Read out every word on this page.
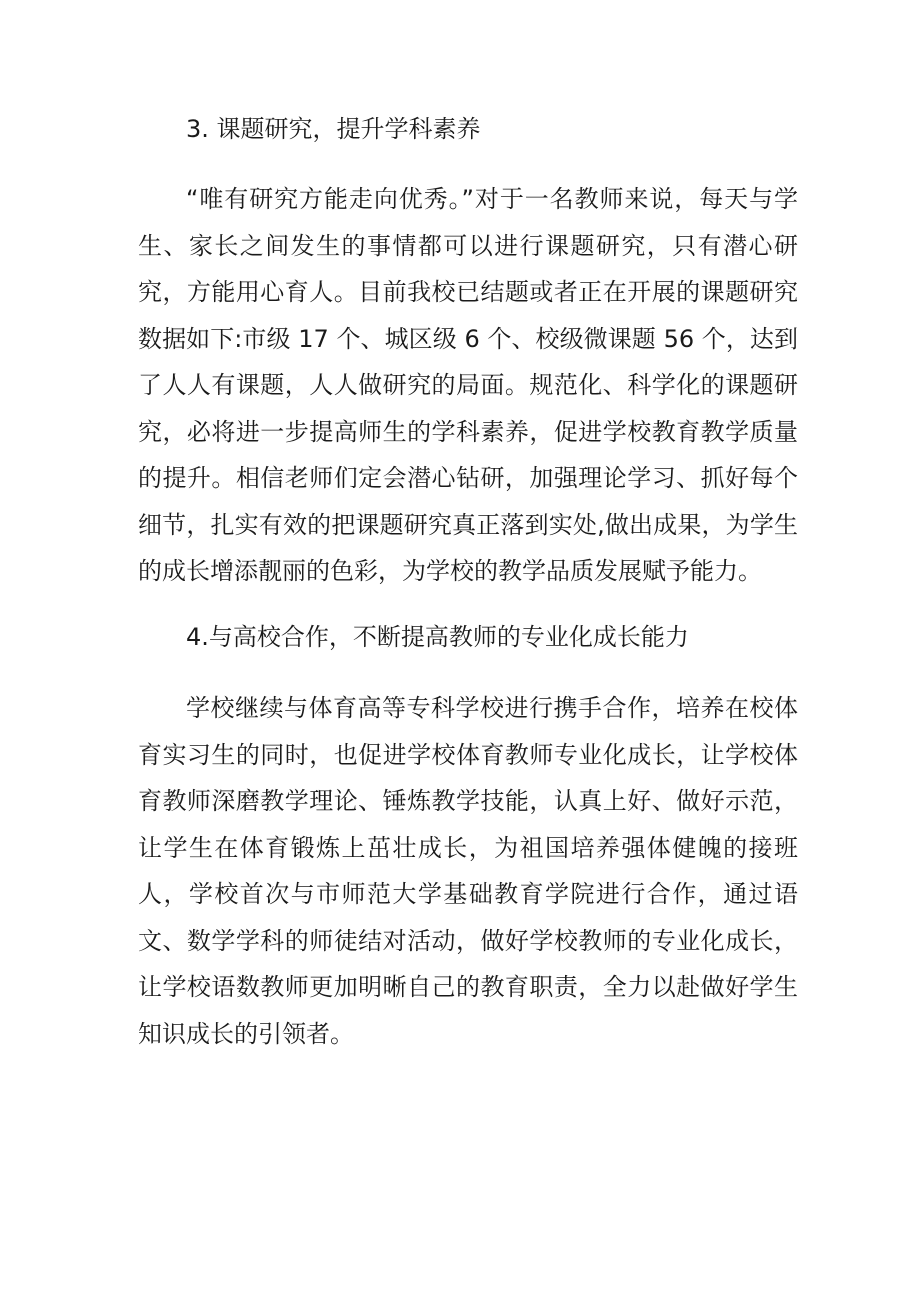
3. 课题研究，提升学科素养

“唯有研究方能走向优秀。”对于一名教师来说，每天与学生、家长之间发生的事情都可以进行课题研究，只有潜心研究，方能用心育人。目前我校已结题或者正在开展的课题研究数据如下:市级 17 个、城区级 6 个、校级微课题 56 个，达到了人人有课题，人人做研究的局面。规范化、科学化的课题研究，必将进一步提高师生的学科素养，促进学校教育教学质量的提升。相信老师们定会潜心钻研，加强理论学习、抓好每个细节，扎实有效的把课题研究真正落到实处,做出成果，为学生的成长增添靓丽的色彩，为学校的教学品质发展赋予能力。

4.与高校合作，不断提高教师的专业化成长能力

学校继续与体育高等专科学校进行携手合作，培养在校体育实习生的同时，也促进学校体育教师专业化成长，让学校体育教师深磨教学理论、锤炼教学技能，认真上好、做好示范，让学生在体育锻炼上茁壮成长，为祖国培养强体健魄的接班人，学校首次与市师范大学基础教育学院进行合作，通过语文、数学学科的师徒结对活动，做好学校教师的专业化成长，让学校语数教师更加明晰自己的教育职责，全力以赴做好学生知识成长的引领者。
